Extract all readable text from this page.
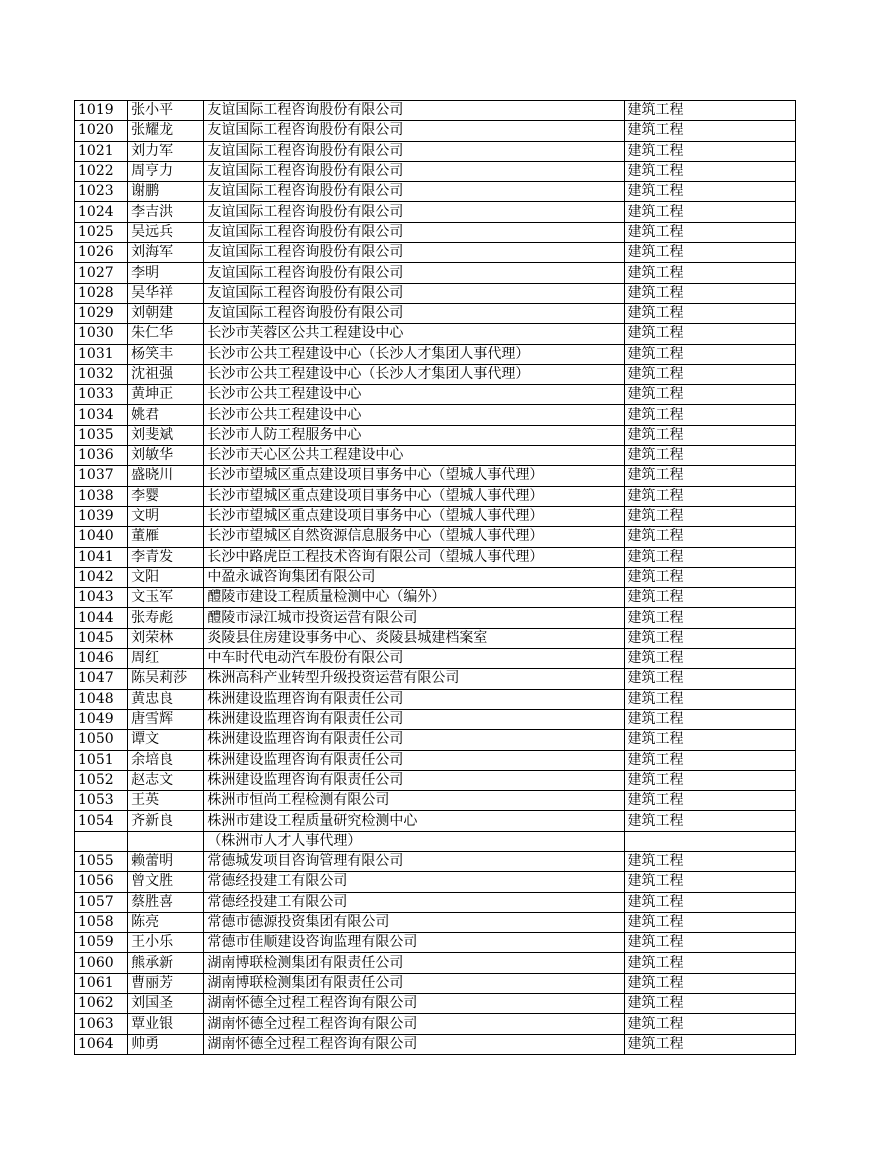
1019	张小平	友谊国际工程咨询股份有限公司	建筑工程
1020	张耀龙	友谊国际工程咨询股份有限公司	建筑工程
1021	刘力军	友谊国际工程咨询股份有限公司	建筑工程
1022	周亨力	友谊国际工程咨询股份有限公司	建筑工程
1023	谢鹏	友谊国际工程咨询股份有限公司	建筑工程
1024	李吉洪	友谊国际工程咨询股份有限公司	建筑工程
1025	吴远兵	友谊国际工程咨询股份有限公司	建筑工程
1026	刘海军	友谊国际工程咨询股份有限公司	建筑工程
1027	李明	友谊国际工程咨询股份有限公司	建筑工程
1028	吴华祥	友谊国际工程咨询股份有限公司	建筑工程
1029	刘朝建	友谊国际工程咨询股份有限公司	建筑工程
1030	朱仁华	长沙市芙蓉区公共工程建设中心	建筑工程
1031	杨笑丰	长沙市公共工程建设中心（长沙人才集团人事代理）	建筑工程
1032	沈祖强	长沙市公共工程建设中心（长沙人才集团人事代理）	建筑工程
1033	黄坤正	长沙市公共工程建设中心	建筑工程
1034	姚君	长沙市公共工程建设中心	建筑工程
1035	刘斐斌	长沙市人防工程服务中心	建筑工程
1036	刘敏华	长沙市天心区公共工程建设中心	建筑工程
1037	盛晓川	长沙市望城区重点建设项目事务中心（望城人事代理）	建筑工程
1038	李婴	长沙市望城区重点建设项目事务中心（望城人事代理）	建筑工程
1039	文明	长沙市望城区重点建设项目事务中心（望城人事代理）	建筑工程
1040	董雁	长沙市望城区自然资源信息服务中心（望城人事代理）	建筑工程
1041	李青发	长沙中路虎臣工程技术咨询有限公司（望城人事代理）	建筑工程
1042	文阳	中盈永诚咨询集团有限公司	建筑工程
1043	文玉军	醴陵市建设工程质量检测中心（编外）	建筑工程
1044	张寿彪	醴陵市渌江城市投资运营有限公司	建筑工程
1045	刘荣林	炎陵县住房建设事务中心、炎陵县城建档案室	建筑工程
1046	周红	中车时代电动汽车股份有限公司	建筑工程
1047	陈吴莉莎	株洲高科产业转型升级投资运营有限公司	建筑工程
1048	黄忠良	株洲建设监理咨询有限责任公司	建筑工程
1049	唐雪辉	株洲建设监理咨询有限责任公司	建筑工程
1050	谭文	株洲建设监理咨询有限责任公司	建筑工程
1051	余培良	株洲建设监理咨询有限责任公司	建筑工程
1052	赵志文	株洲建设监理咨询有限责任公司	建筑工程
1053	王英	株洲市恒尚工程检测有限公司	建筑工程
1054	齐新良	株洲市建设工程质量研究检测中心	建筑工程
		（株洲市人才人事代理）	
1055	赖蕾明	常德城发项目咨询管理有限公司	建筑工程
1056	曾文胜	常德经投建工有限公司	建筑工程
1057	蔡胜喜	常德经投建工有限公司	建筑工程
1058	陈亮	常德市德源投资集团有限公司	建筑工程
1059	王小乐	常德市佳顺建设咨询监理有限公司	建筑工程
1060	熊承新	湖南博联检测集团有限责任公司	建筑工程
1061	曹丽芳	湖南博联检测集团有限责任公司	建筑工程
1062	刘国圣	湖南怀德全过程工程咨询有限公司	建筑工程
1063	覃业银	湖南怀德全过程工程咨询有限公司	建筑工程
1064	帅勇	湖南怀德全过程工程咨询有限公司	建筑工程
